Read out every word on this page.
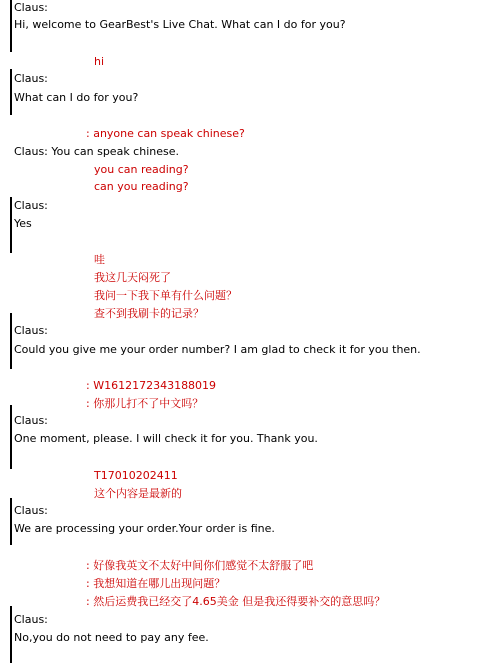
Claus:
Hi, welcome to GearBest's Live Chat. What can I do for you?
hi
Claus:
What can I do for you?
: anyone can speak chinese?
Claus: You can speak chinese.
you can reading?
can you reading?
Claus:
Yes
哇
我这几天闷死了
我问一下我下单有什么问题？
查不到我刷卡的记录？
Claus:
Could you give me your order number? I am glad to check it for you then.
: W1612172343188019
: 你那儿打不了中文吗？
Claus:
One moment, please. I will check it for you. Thank you.
T17010202411
这个内容是最新的
Claus:
We are processing your order.Your order is fine.
: 好像我英文不太好中间你们感觉不太舒服了吧
: 我想知道在哪儿出现问题？
: 然后运费我已经交了4.65美金 但是我还得要补交的意思吗？
Claus:
No,you do not need to pay any fee.
